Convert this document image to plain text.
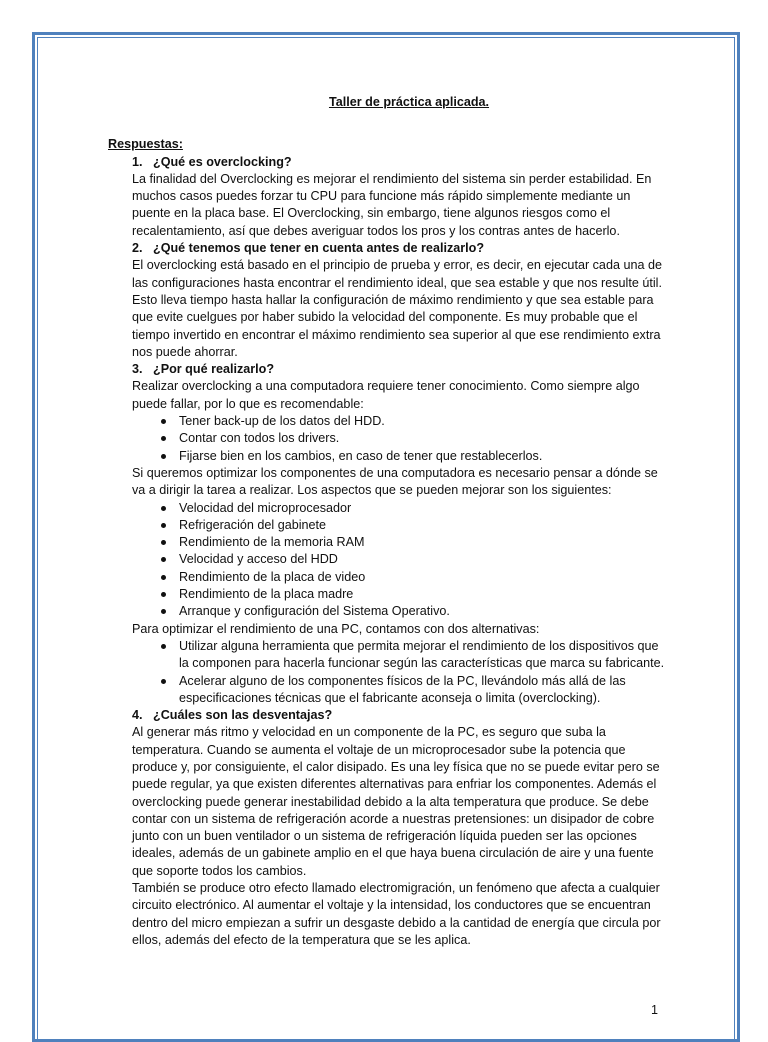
Taller de práctica aplicada.
Respuestas:
1. ¿Qué es overclocking?
La finalidad del Overclocking es mejorar el rendimiento del sistema sin perder estabilidad. En muchos casos puedes forzar tu CPU para funcione más rápido simplemente mediante un puente en la placa base. El Overclocking, sin embargo, tiene algunos riesgos como el recalentamiento, así que debes averiguar todos los pros y los contras antes de hacerlo.
2. ¿Qué tenemos que tener en cuenta antes de realizarlo?
El overclocking está basado en el principio de prueba y error, es decir, en ejecutar cada una de las configuraciones hasta encontrar el rendimiento ideal, que sea estable y que nos resulte útil. Esto lleva tiempo hasta hallar la configuración de máximo rendimiento y que sea estable para que evite cuelgues por haber subido la velocidad del componente. Es muy probable que el tiempo invertido en encontrar el máximo rendimiento sea superior al que ese rendimiento extra nos puede ahorrar.
3. ¿Por qué realizarlo?
Realizar overclocking a una computadora requiere tener conocimiento. Como siempre algo puede fallar, por lo que es recomendable:
Tener back-up de los datos del HDD.
Contar con todos los drivers.
Fijarse bien en los cambios, en caso de tener que restablecerlos.
Si queremos optimizar los componentes de una computadora es necesario pensar a dónde se va a dirigir la tarea a realizar. Los aspectos que se pueden mejorar son los siguientes:
Velocidad del microprocesador
Refrigeración del gabinete
Rendimiento de la memoria RAM
Velocidad y acceso del HDD
Rendimiento de la placa de video
Rendimiento de la placa madre
Arranque y configuración del Sistema Operativo.
Para optimizar el rendimiento de una PC, contamos con dos alternativas:
Utilizar alguna herramienta que permita mejorar el rendimiento de los dispositivos que la componen para hacerla funcionar según las características que marca su fabricante.
Acelerar alguno de los componentes físicos de la PC, llevándolo más allá de las especificaciones técnicas que el fabricante aconseja o limita (overclocking).
4. ¿Cuáles son las desventajas?
Al generar más ritmo y velocidad en un componente de la PC, es seguro que suba la temperatura. Cuando se aumenta el voltaje de un microprocesador sube la potencia que produce y, por consiguiente, el calor disipado. Es una ley física que no se puede evitar pero se puede regular, ya que existen diferentes alternativas para enfriar los componentes. Además el overclocking puede generar inestabilidad debido a la alta temperatura que produce. Se debe contar con un sistema de refrigeración acorde a nuestras pretensiones: un disipador de cobre junto con un buen ventilador o un sistema de refrigeración líquida pueden ser las opciones ideales, además de un gabinete amplio en el que haya buena circulación de aire y una fuente que soporte todos los cambios.
También se produce otro efecto llamado electromigración, un fenómeno que afecta a cualquier circuito electrónico. Al aumentar el voltaje y la intensidad, los conductores que se encuentran dentro del micro empiezan a sufrir un desgaste debido a la cantidad de energía que circula por ellos, además del efecto de la temperatura que se les aplica.
1
